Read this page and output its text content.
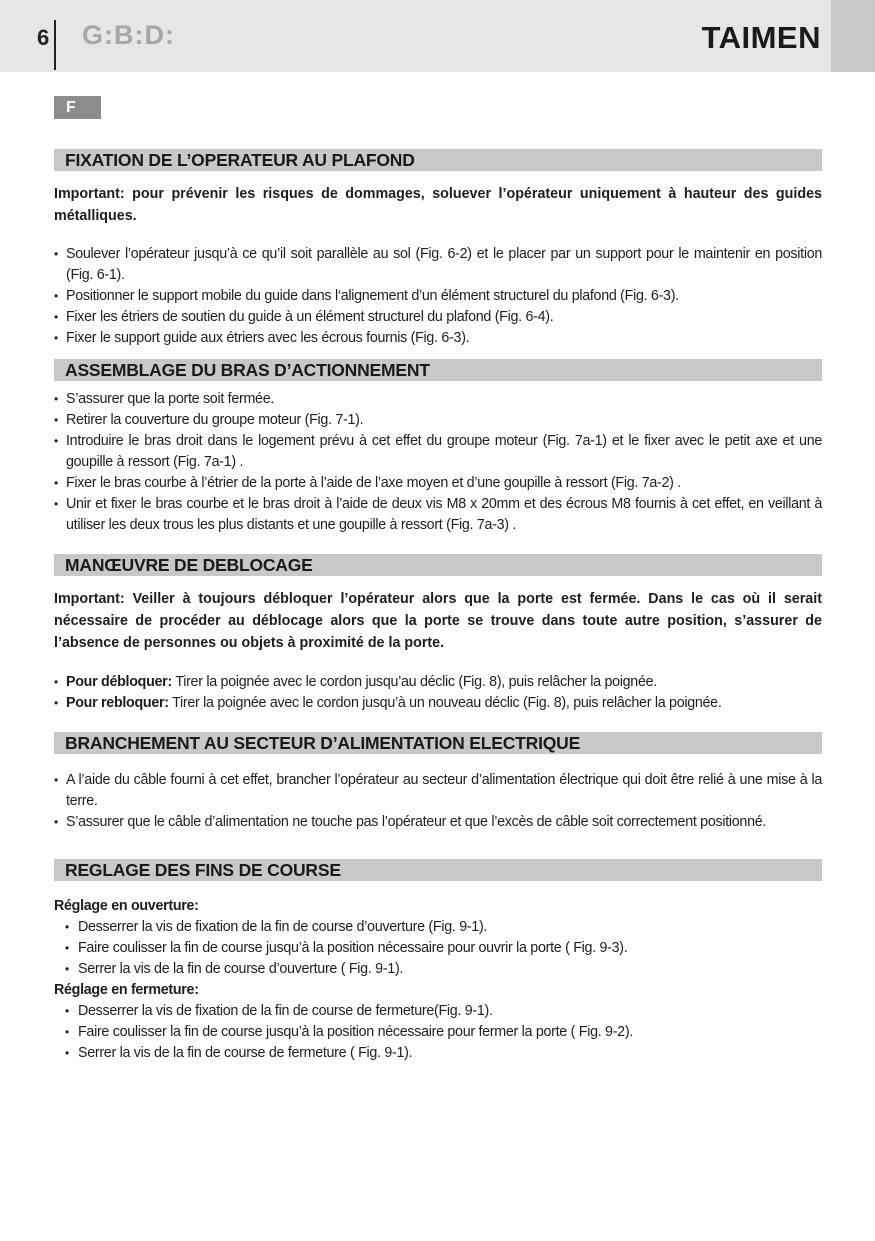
6 G:B:D:	TAIMEN
F
FIXATION DE L’OPERATEUR AU PLAFOND

Important: pour prévenir les risques de dommages, soluever l’opérateur uniquement à hauteur des guides métalliques.

• Soulever l’opérateur jusqu’à ce qu’il soit parallèle au sol (Fig. 6-2) et le placer par un support pour le maintenir en position (Fig. 6-1).
• Positionner le support mobile du guide dans l‘alignement d’un élément structurel du plafond (Fig. 6-3).
• Fixer les étriers de soutien du guide à un élément structurel du plafond (Fig. 6-4).
• Fixer le support guide aux étriers avec les écrous fournis (Fig. 6-3).
ASSEMBLAGE DU BRAS D’ACTIONNEMENT
• S’assurer que la porte soit fermée.
• Retirer la couverture du groupe moteur (Fig. 7-1).
• Introduire le bras droit dans le logement prévu à cet effet du groupe moteur (Fig. 7a-1) et le fixer avec le petit axe et une goupille à ressort (Fig. 7a-1) .
• Fixer le bras courbe à l’étrier de la porte à l’aide de l’axe moyen et d’une goupille à ressort (Fig. 7a-2) .
• Unir et fixer le bras courbe et le bras droit à l’aide de deux vis M8 x 20mm et des écrous M8 fournis à cet effet, en veillant à utiliser les deux trous les plus distants et une goupille à ressort (Fig. 7a-3) .
MANŒUVRE DE DEBLOCAGE

Important: Veiller à toujours débloquer l’opérateur alors que la porte est fermée. Dans le cas où il serait nécessaire de procéder au déblocage alors que la porte se trouve dans toute autre position, s’assurer de l’absence de personnes ou objets à proximité de la porte.

• Pour débloquer: Tirer la poignée avec le cordon jusqu’au déclic (Fig. 8), puis relâcher la poignée.
• Pour rebloquer: Tirer la poignée avec le cordon jusqu’à un nouveau déclic (Fig. 8), puis relâcher la poignée.
BRANCHEMENT AU SECTEUR D’ALIMENTATION ELECTRIQUE
• A l’aide du câble fourni à cet effet, brancher l’opérateur au secteur d’alimentation électrique qui doit être relié à une mise à la terre.
• S’assurer que le câble d’alimentation ne touche pas l’opérateur et que l’excès de câble soit correctement positionné.
REGLAGE DES FINS DE COURSE

Réglage en ouverture:

• Desserrer la vis de fixation de la fin de course d’ouverture (Fig. 9-1).
• Faire coulisser la fin de course jusqu’à la position nécessaire pour ouvrir la porte ( Fig. 9-3).
• Serrer la vis de la fin de course d’ouverture ( Fig. 9-1).

Réglage en fermeture:

• Desserrer la vis de fixation de la fin de course de fermeture(Fig. 9-1).
• Faire coulisser la fin de course jusqu’à la position nécessaire pour fermer la porte ( Fig. 9-2).
• Serrer la vis de la fin de course de fermeture ( Fig. 9-1).
